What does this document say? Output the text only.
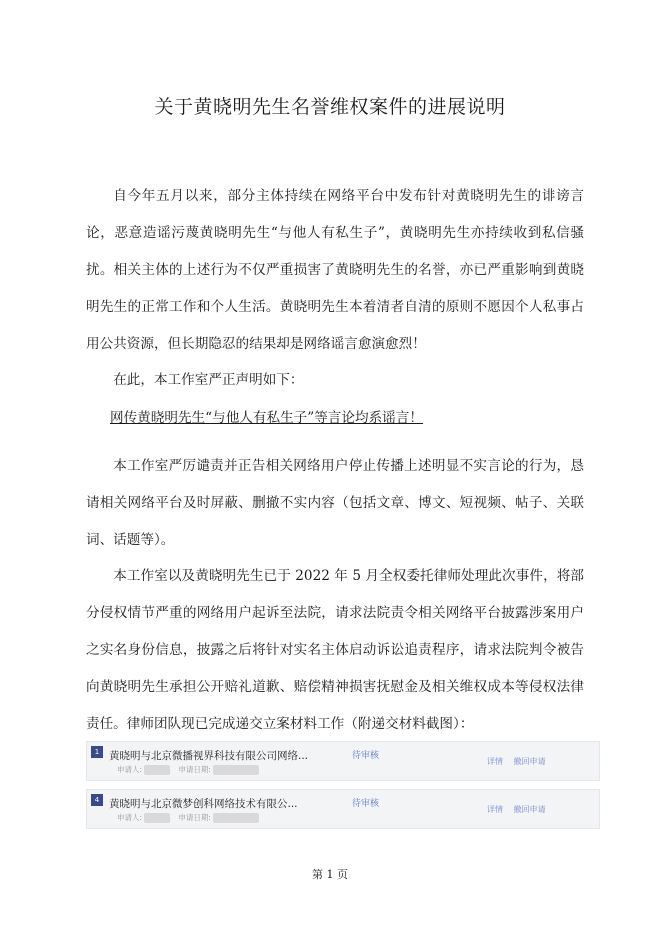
关于黄晓明先生名誉维权案件的进展说明

自今年五月以来，部分主体持续在网络平台中发布针对黄晓明先生的诽谤言论，恶意造谣污蔑黄晓明先生“与他人有私生子”，黄晓明先生亦持续收到私信骚扰。相关主体的上述行为不仅严重损害了黄晓明先生的名誉，亦已严重影响到黄晓明先生的正常工作和个人生活。黄晓明先生本着清者自清的原则不愿因个人私事占用公共资源，但长期隐忍的结果却是网络谣言愈演愈烈！

在此，本工作室严正声明如下：

网传黄晓明先生“与他人有私生子”等言论均系谣言！

本工作室严厉谴责并正告相关网络用户停止传播上述明显不实言论的行为，恳请相关网络平台及时屏蔽、删撤不实内容（包括文章、博文、短视频、帖子、关联词、话题等）。

本工作室以及黄晓明先生已于 2022 年 5 月全权委托律师处理此次事件，将部分侵权情节严重的网络用户起诉至法院，请求法院责令相关网络平台披露涉案用户之实名身份信息，披露之后将针对实名主体启动诉讼追责程序，请求法院判令被告向黄晓明先生承担公开赔礼道歉、赔偿精神损害抚慰金及相关维权成本等侵权法律责任。律师团队现已完成递交立案材料工作（附递交材料截图）：

1 黄晓明与北京微播视界科技有限公司网络...
申请人:	申请日期:
待审核
详情 撤回申请
4 黄晓明与北京微梦创科网络技术有限公...
申请人:	申请日期:
待审核
详情 撤回申请
第 1 页
